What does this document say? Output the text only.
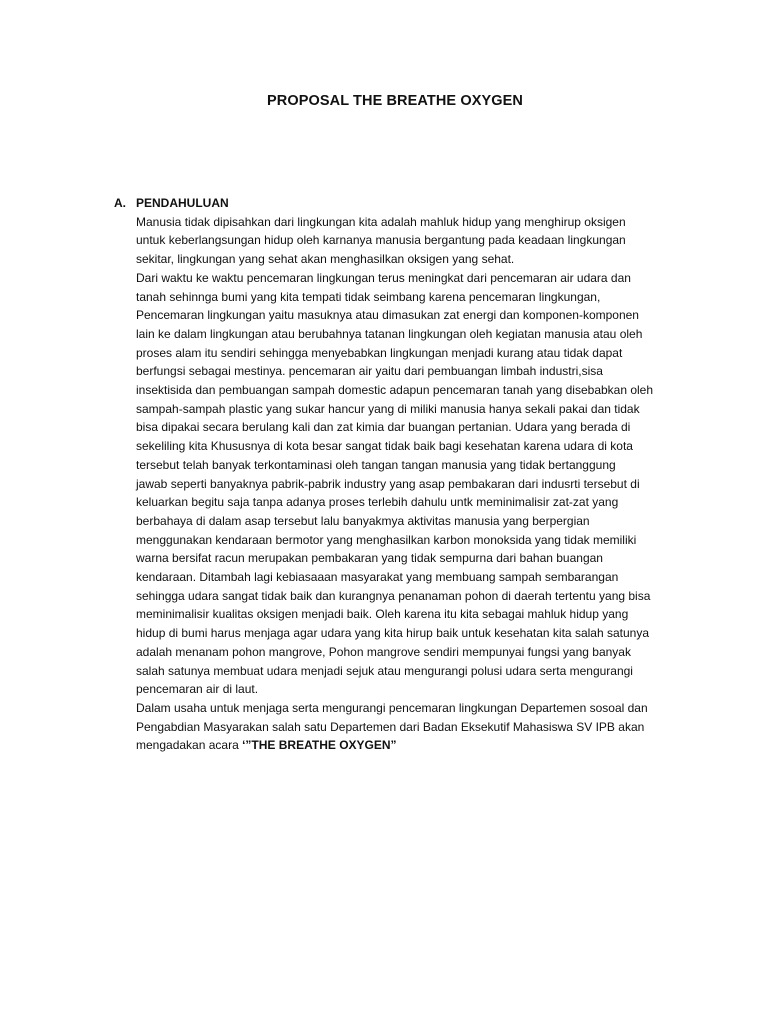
PROPOSAL THE BREATHE OXYGEN
A. PENDAHULUAN
Manusia tidak dipisahkan dari lingkungan kita adalah mahluk hidup yang menghirup oksigen
untuk keberlangsungan hidup oleh karnanya manusia bergantung pada keadaan lingkungan
sekitar, lingkungan yang sehat akan menghasilkan oksigen yang sehat.
Dari waktu ke waktu pencemaran lingkungan terus meningkat dari pencemaran air udara dan
tanah sehinnga bumi yang kita tempati tidak seimbang karena pencemaran lingkungan,
Pencemaran lingkungan yaitu masuknya atau dimasukan zat energi dan komponen-komponen
lain ke dalam lingkungan atau berubahnya tatanan lingkungan oleh kegiatan manusia atau oleh
proses alam itu sendiri sehingga menyebabkan lingkungan menjadi kurang atau tidak dapat
berfungsi sebagai mestinya. pencemaran air yaitu dari pembuangan limbah industri,sisa
insektisida dan pembuangan sampah domestic adapun pencemaran tanah yang disebabkan oleh
sampah-sampah plastic yang sukar hancur yang di miliki manusia hanya sekali pakai dan tidak
bisa dipakai secara berulang kali dan zat kimia dar buangan pertanian. Udara yang berada di
sekeliling kita Khususnya di kota besar sangat tidak baik bagi kesehatan karena udara di kota
tersebut telah banyak terkontaminasi oleh tangan tangan manusia yang tidak bertanggung
jawab seperti banyaknya pabrik-pabrik industry yang asap pembakaran dari indusrti tersebut di
keluarkan begitu saja tanpa adanya proses terlebih dahulu untk meminimalisir zat-zat yang
berbahaya di dalam asap tersebut lalu banyakmya aktivitas manusia yang berpergian
menggunakan kendaraan bermotor yang menghasilkan karbon monoksida yang tidak memiliki
warna bersifat racun merupakan pembakaran yang tidak sempurna dari bahan buangan
kendaraan. Ditambah lagi kebiasaaan masyarakat yang membuang sampah sembarangan
sehingga udara sangat tidak baik dan kurangnya penanaman pohon di daerah tertentu yang bisa
meminimalisir kualitas oksigen menjadi baik. Oleh karena itu kita sebagai mahluk hidup yang
hidup di bumi harus menjaga agar udara yang kita hirup baik untuk kesehatan kita salah satunya
adalah menanam pohon mangrove, Pohon mangrove sendiri mempunyai fungsi yang banyak
salah satunya membuat udara menjadi sejuk atau mengurangi polusi udara serta mengurangi
pencemaran air di laut.
Dalam usaha untuk menjaga serta mengurangi pencemaran lingkungan Departemen sosoal dan
Pengabdian Masyarakan salah satu Departemen dari Badan Eksekutif Mahasiswa SV IPB akan
mengadakan acara ‘”THE BREATHE OXYGEN”
